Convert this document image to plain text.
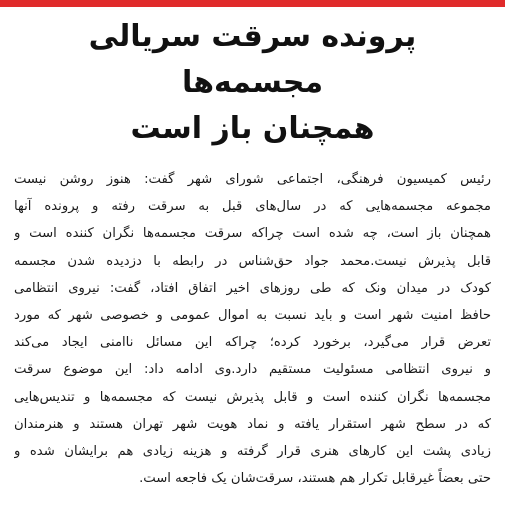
پرونده سرقت سریالی مجسمه‌ها
همچنان باز است
رئیس کمیسیون فرهنگی، اجتماعی شورای شهر گفت: هنوز روشن نیست
مجموعه مجسمه‌هایی که در سال‌های قبل به سرقت رفته و پرونده آنها
همچنان باز است، چه شده است چراکه سرقت مجسمه‌ها نگران کننده است و
قابل پذیرش نیست.محمد جواد حق‌شناس در رابطه با دزدیده شدن مجسمه
کودک در میدان ونک که طی روزهای اخیر اتفاق افتاد، گفت: نیروی انتظامی
حافظ امنیت شهر است و باید نسبت به اموال عمومی و خصوصی شهر که مورد
تعرض قرار می‌گیرد، برخورد کرده؛ چراکه این مسائل ناامنی ایجاد می‌کند
و نیروی انتظامی مسئولیت مستقیم دارد.وی ادامه داد: این موضوع سرقت
مجسمه‌ها نگران کننده است و قابل پذیرش نیست که مجسمه‌ها و تندیس‌هایی
که در سطح شهر استقرار یافته و نماد هویت شهر تهران هستند و هنرمندان
زیادی پشت این کارهای هنری قرار گرفته و هزینه زیادی هم برایشان شده و
حتی بعضاً غیرقابل تکرار هم هستند، سرقت‌شان یک فاجعه است.
